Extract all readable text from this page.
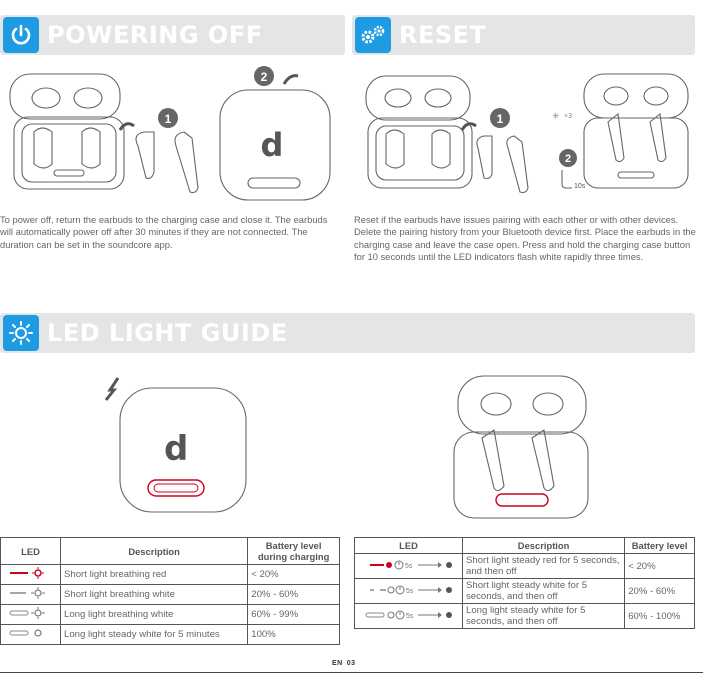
POWERING OFF	RESET
1
d
2
1	✳ ×3
2
10s

To power off, return the earbuds to the charging case and close it. The earbuds will automatically power off after 30 minutes if they are not connected. The duration can be set in the soundcore app.

Reset if the earbuds have issues pairing with each other or with other devices. Delete the pairing history from your Bluetooth device first. Place the earbuds in the charging case and leave the case open. Press and hold the charging case button for 10 seconds until the LED indicators flash white rapidly three times.

LED LIGHT GUIDE
d
LED	Description	Battery level during charging
	Short light breathing red	< 20%
	Short light breathing white	20% - 60%
	Long light breathing white	60% - 99%
	Long light steady white for 5 minutes	100%
LED	Description	Battery level

5s	Short light steady red for 5 seconds, and then off	< 20%

5s	Short light steady white for 5 seconds, and then off	20% - 60%

5s	Long light steady white for 5 seconds, and then off	60% - 100%
EN 03
